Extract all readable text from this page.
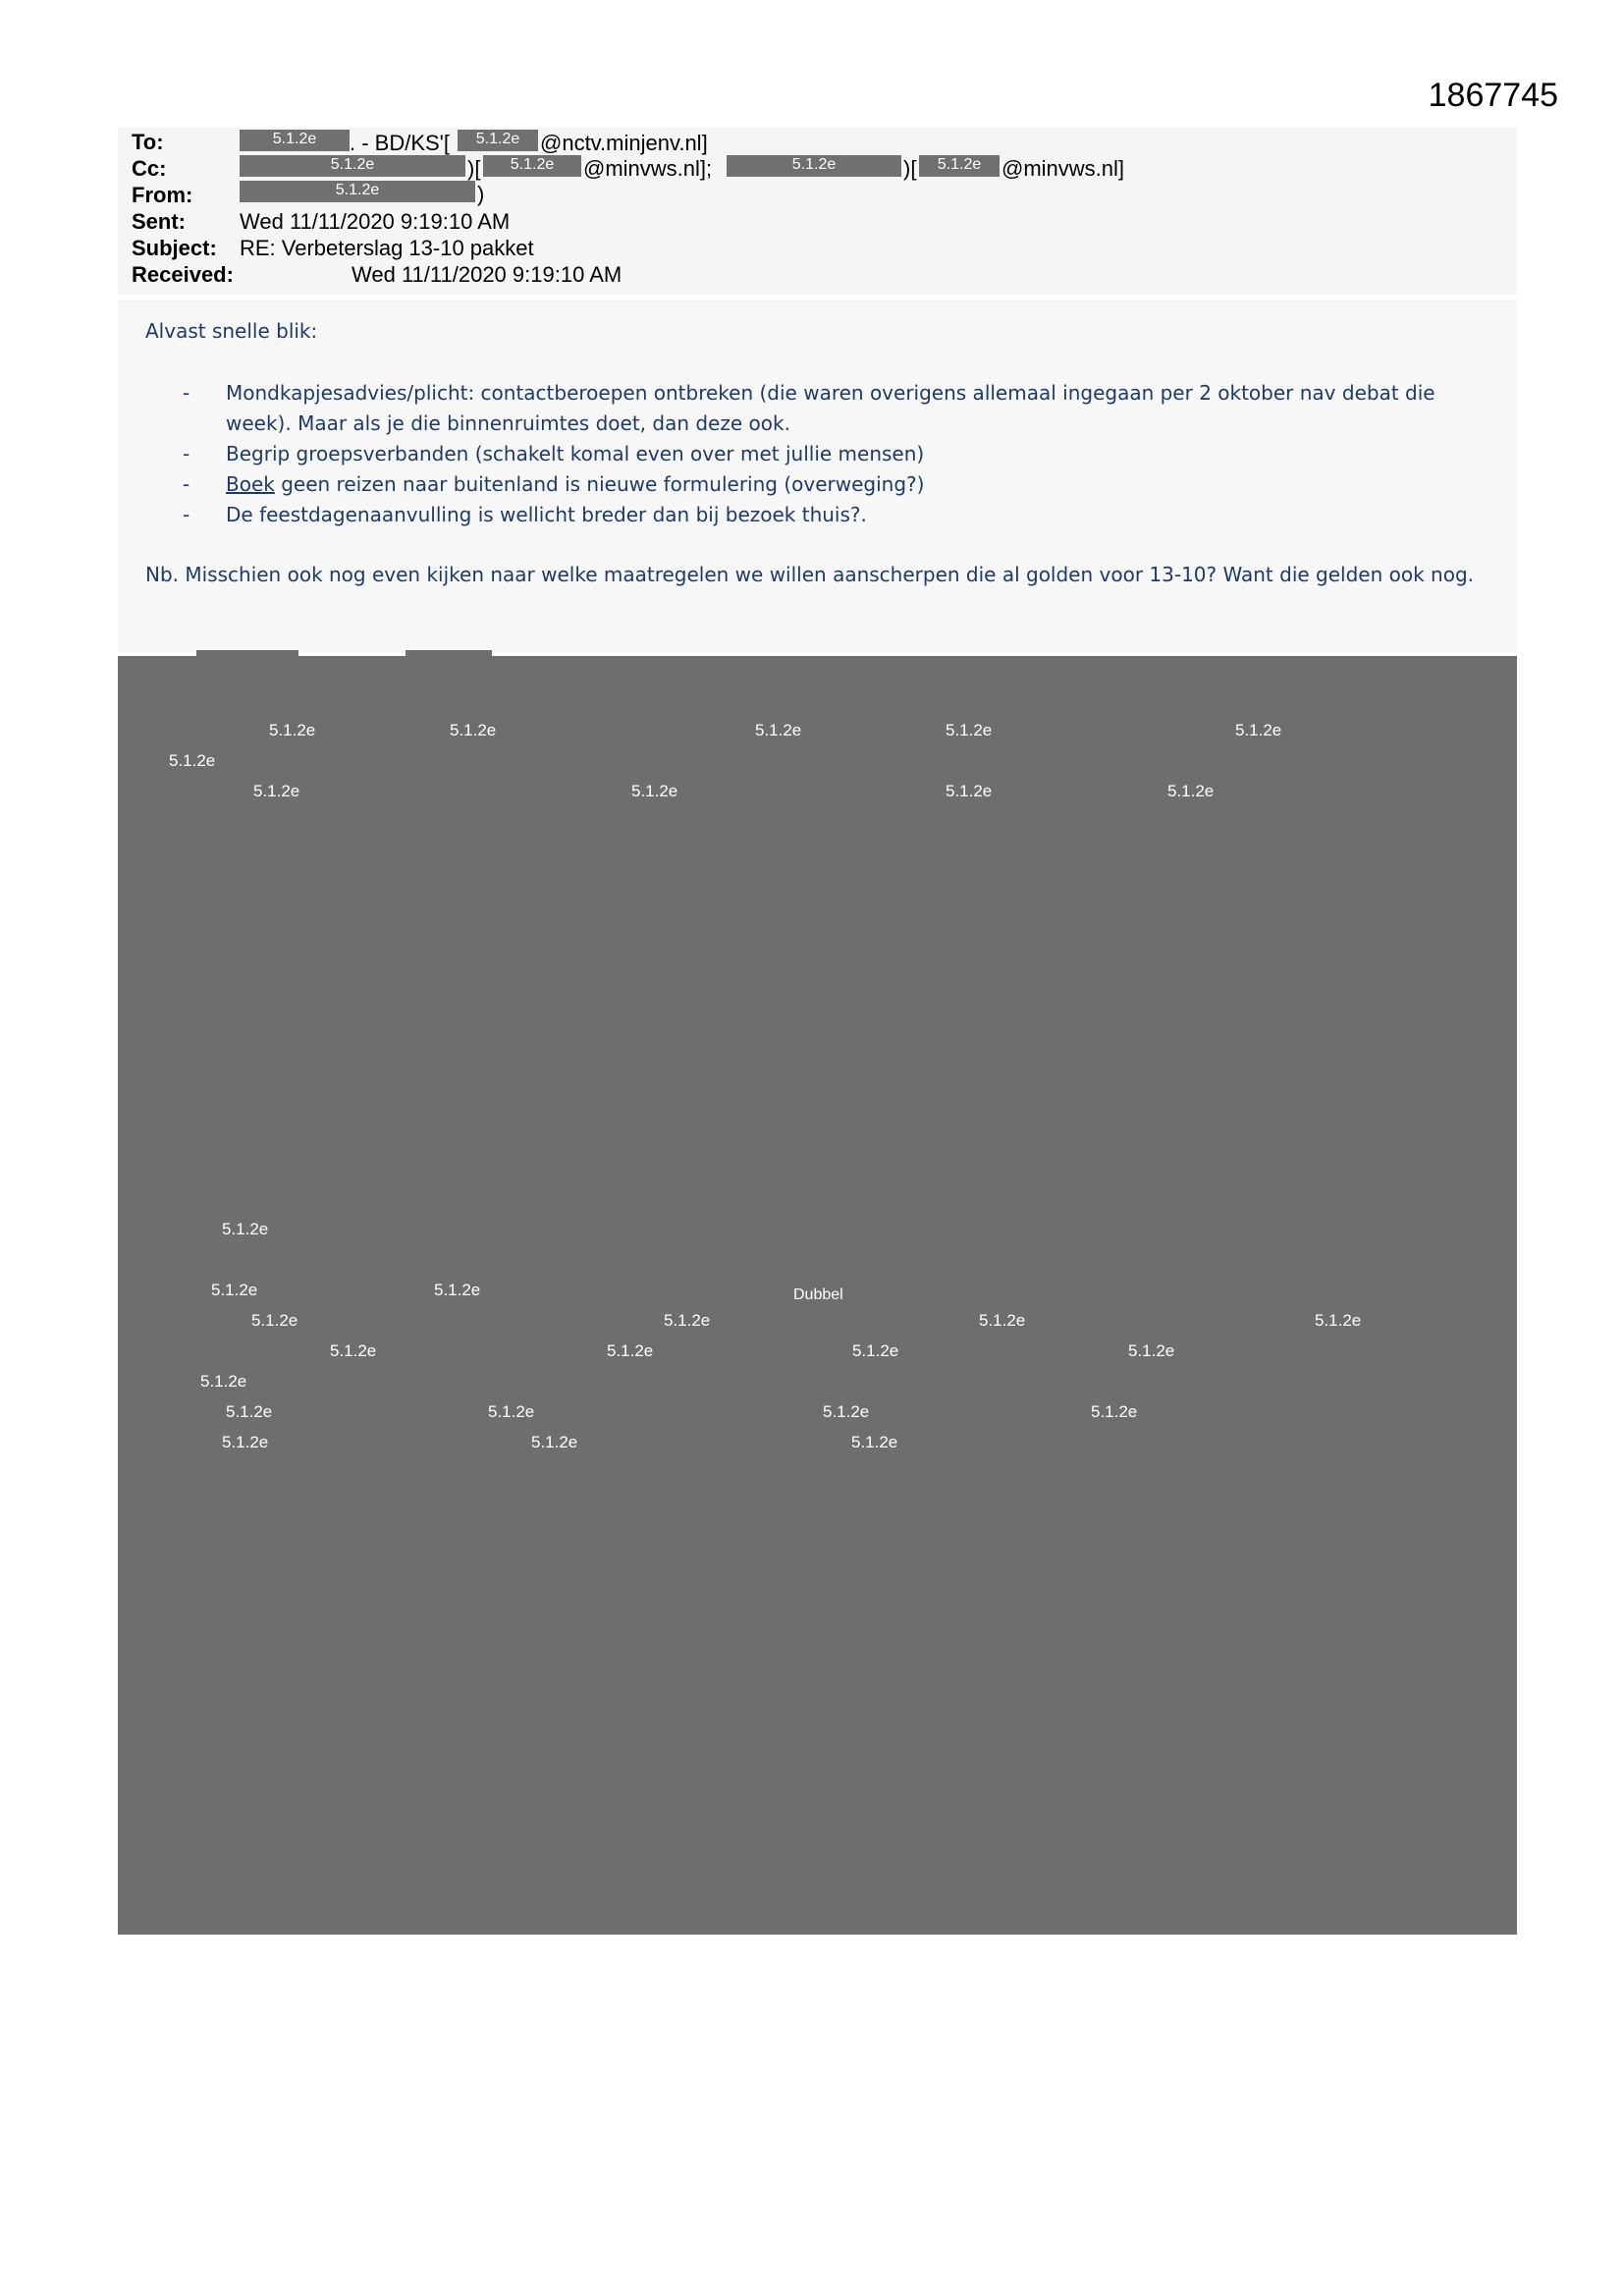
1867745
To:	5.1.2e	. - BD/KS'[	5.1.2e @nctv.minjenv.nl]
Cc:	5.1.2e	)[	5.1.2e	@minvws.nl];	5.1.2e	)[	5.1.2e @minvws.nl]
From:	5.1.2e	)
Sent:	Wed 11/11/2020 9:19:10 AM
Subject: RE: Verbeterslag 13-10 pakket
Received:	Wed 11/11/2020 9:19:10 AM
Alvast snelle blik:
- Mondkapjesadvies/plicht: contactberoepen ontbreken (die waren overigens allemaal ingegaan per 2 oktober nav debat die week). Maar als je die binnenruimtes doet, dan deze ook.
- Begrip groepsverbanden (schakelt komal even over met jullie mensen)
- Boek geen reizen naar buitenland is nieuwe formulering (overweging?)
- De feestdagenaanvulling is wellicht breder dan bij bezoek thuis?.
Nb. Misschien ook nog even kijken naar welke maatregelen we willen aanscherpen die al golden voor 13-10? Want die gelden ook nog.
5.1.2e	5.1.2e	5.1.2e	5.1.2e	5.1.2e
5.1.2e
5.1.2e	5.1.2e	5.1.2e	5.1.2e
5.1.2e
5.1.2e	5.1.2e	Dubbel
5.1.2e	5.1.2e	5.1.2e	5.1.2e
5.1.2e	5.1.2e	5.1.2e	5.1.2e
5.1.2e
5.1.2e	5.1.2e	5.1.2e	5.1.2e
5.1.2e	5.1.2e	5.1.2e
